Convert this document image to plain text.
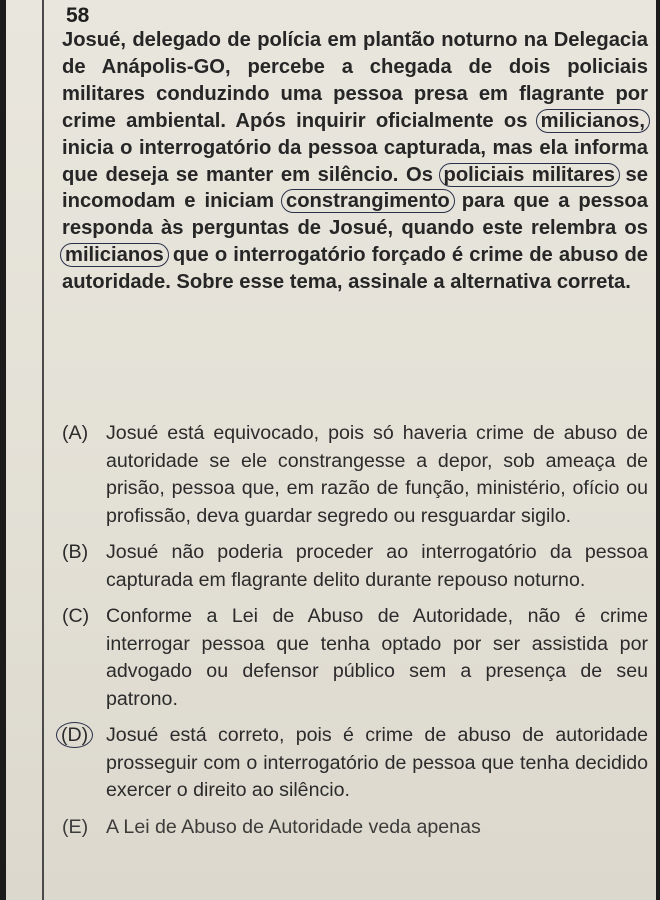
58

Josué, delegado de polícia em plantão noturno na Delegacia de Anápolis-GO, percebe a chegada de dois policiais militares conduzindo uma pessoa presa em flagrante por crime ambiental. Após inquirir oficialmente os milicianos, inicia o interrogatório da pessoa capturada, mas ela informa que deseja se manter em silêncio. Os policiais militares se incomodam e iniciam constrangimento para que a pessoa responda às perguntas de Josué, quando este relembra os milicianos que o interrogatório forçado é crime de abuso de autoridade. Sobre esse tema, assinale a alternativa correta.

(A) Josué está equivocado, pois só haveria crime de abuso de autoridade se ele constrangesse a depor, sob ameaça de prisão, pessoa que, em razão de função, ministério, ofício ou profissão, deva guardar segredo ou resguardar sigilo.
(B) Josué não poderia proceder ao interrogatório da pessoa capturada em flagrante delito durante repouso noturno.
(C) Conforme a Lei de Abuso de Autoridade, não é crime interrogar pessoa que tenha optado por ser assistida por advogado ou defensor público sem a presença de seu patrono.
(D) Josué está correto, pois é crime de abuso de autoridade prosseguir com o interrogatório de pessoa que tenha decidido exercer o direito ao silêncio.
(E) A Lei de Abuso de Autoridade veda apenas
